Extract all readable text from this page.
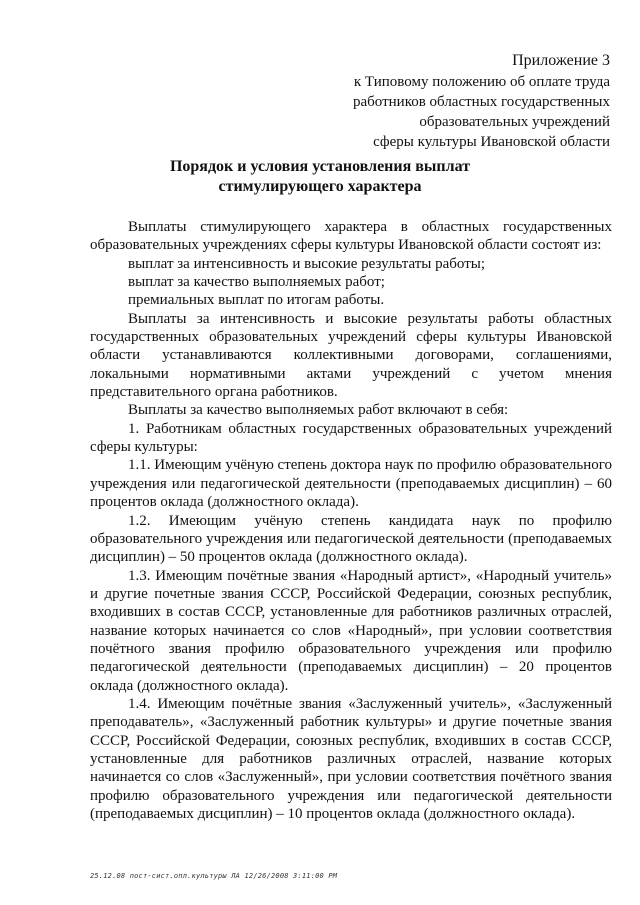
Приложение 3
к Типовому положению об оплате труда
работников областных государственных
образовательных учреждений
сферы культуры Ивановской области
Порядок и условия установления выплат
стимулирующего характера

Выплаты стимулирующего характера в областных государственных образовательных учреждениях сферы культуры Ивановской области состоят из:

выплат за интенсивность и высокие результаты работы;

выплат за качество выполняемых работ;

премиальных выплат по итогам работы.

Выплаты за интенсивность и высокие результаты работы областных государственных образовательных учреждений сферы культуры Ивановской области устанавливаются коллективными договорами, соглашениями, локальными нормативными актами учреждений с учетом мнения представительного органа работников.

Выплаты за качество выполняемых работ включают в себя:

1. Работникам областных государственных образовательных учреждений сферы культуры:

1.1. Имеющим учёную степень доктора наук по профилю образовательного учреждения или педагогической деятельности (преподаваемых дисциплин) – 60 процентов оклада (должностного оклада).

1.2. Имеющим учёную степень кандидата наук по профилю образовательного учреждения или педагогической деятельности (преподаваемых дисциплин) – 50 процентов оклада (должностного оклада).

1.3. Имеющим почётные звания «Народный артист», «Народный учитель» и другие почетные звания СССР, Российской Федерации, союзных республик, входивших в состав СССР, установленные для работников различных отраслей, название которых начинается со слов «Народный», при условии соответствия почётного звания профилю образовательного учреждения или профилю педагогической деятельности (преподаваемых дисциплин) – 20 процентов оклада (должностного оклада).

1.4. Имеющим почётные звания «Заслуженный учитель», «Заслуженный преподаватель», «Заслуженный работник культуры» и другие почетные звания СССР, Российской Федерации, союзных республик, входивших в состав СССР, установленные для работников различных отраслей, название которых начинается со слов «Заслуженный», при условии соответствия почётного звания профилю образовательного учреждения или педагогической деятельности (преподаваемых дисциплин) – 10 процентов оклада (должностного оклада).

25.12.08 пост-сист.опл.культуры ЛА 12/26/2008 3:11:00 PM
